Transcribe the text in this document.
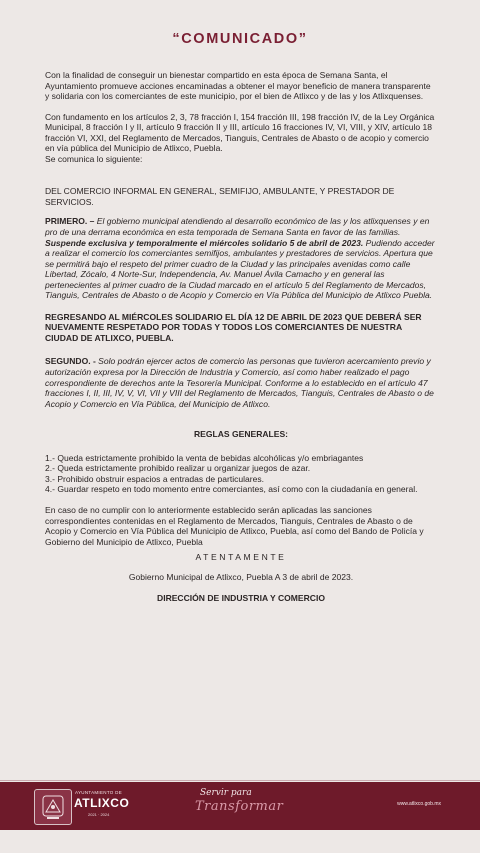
“COMUNICADO”

Con la finalidad de conseguir un bienestar compartido en esta época de Semana Santa, el Ayuntamiento promueve acciones encaminadas a obtener el mayor beneficio de manera transparente y solidaria con los comerciantes de este municipio, por el bien de Atlixco y de las y los Atlixquenses.

Con fundamento en los artículos 2, 3, 78 fracción I, 154 fracción III, 198 fracción IV, de la Ley Orgánica Municipal, 8 fracción I y II, artículo 9 fracción II y III, artículo 16 fracciones IV, VI, VIII, y XIV, artículo 18 fracción VI, XXI, del Reglamento de Mercados, Tianguis, Centrales de Abasto o de acopio y comercio en vía pública del Municipio de Atlixco, Puebla.

Se comunica lo siguiente:

DEL COMERCIO INFORMAL EN GENERAL, SEMIFIJO, AMBULANTE, Y PRESTADOR DE SERVICIOS.

PRIMERO. – El gobierno municipal atendiendo al desarrollo económico de las y los atlixquenses y en pro de una derrama económica en esta temporada de Semana Santa en favor de las familias. Suspende exclusiva y temporalmente el miércoles solidario 5 de abril de 2023. Pudiendo acceder a realizar el comercio los comerciantes semifijos, ambulantes y prestadores de servicios. Apertura que se permitirá bajo el respeto del primer cuadro de la Ciudad y las principales avenidas como calle Libertad, Zócalo, 4 Norte-Sur, Independencia, Av. Manuel Ávila Camacho y en general las pertenecientes al primer cuadro de la Ciudad marcado en el artículo 5 del Reglamento de Mercados, Tianguis, Centrales de Abasto o de Acopio y Comercio en Vía Pública del Municipio de Atlixco Puebla.

REGRESANDO AL MIÉRCOLES SOLIDARIO EL DÍA 12 DE ABRIL DE 2023 QUE DEBERÁ SER NUEVAMENTE RESPETADO POR TODAS Y TODOS LOS COMERCIANTES DE NUESTRA CIUDAD DE ATLIXCO, PUEBLA.

SEGUNDO. - Solo podrán ejercer actos de comercio las personas que tuvieron acercamiento previo y autorización expresa por la Dirección de Industria y Comercio, así como haber realizado el pago correspondiente de derechos ante la Tesorería Municipal. Conforme a lo establecido en el artículo 47 fracciones I, II, III, IV, V, VI, VII y VIII del Reglamento de Mercados, Tianguis, Centrales de Abasto o de Acopio y Comercio en Vía Pública, del Municipio de Atlixco.

REGLAS GENERALES:

1.- Queda estrictamente prohibido la venta de bebidas alcohólicas y/o embriagantes

2.- Queda estrictamente prohibido realizar u organizar juegos de azar.

3.- Prohibido obstruir espacios a entradas de particulares.

4.- Guardar respeto en todo momento entre comerciantes, así como con la ciudadanía en general.

En caso de no cumplir con lo anteriormente establecido serán aplicadas las sanciones correspondientes contenidas en el Reglamento de Mercados, Tianguis, Centrales de Abasto o de Acopio y Comercio en Vía Pública del Municipio de Atlixco, Puebla, así como del Bando de Policía y Gobierno del Municipio de Atlixco, Puebla

ATENTAMENTE

Gobierno Municipal de Atlixco, Puebla A 3 de abril de 2023.

DIRECCIÓN DE INDUSTRIA Y COMERCIO

AYUNTAMIENTO DE
ATLIXCO
2021 · 2024
Servir para
Transformar	www.atlixco.gob.mx
